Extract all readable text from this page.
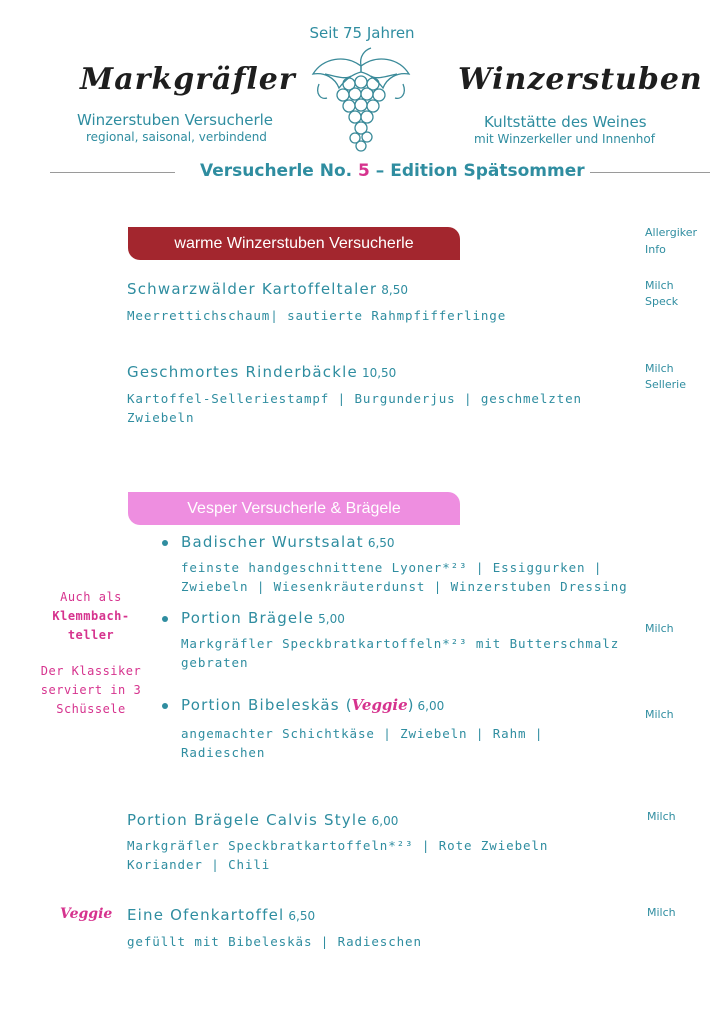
Seit 75 Jahren
Markgräfler	Winzerstuben
Winzerstuben Versucherle
regional, saisonal, verbindend
Kultstätte des Weines
mit Winzerkeller und Innenhof
Versucherle No. 5 – Edition Spätsommer
Allergiker
Info
warme Winzerstuben Versucherle
Schwarzwälder Kartoffeltaler 8,50
Meerrettichschaum| sautierte Rahmpfifferlinge
Milch
Speck
Geschmortes Rinderbäckle 10,50
Kartoffel-Selleriestampf | Burgunderjus | geschmelzten
Zwiebeln
Milch
Sellerie
Vesper Versucherle & Brägele
Badischer Wurstsalat 6,50
feinste handgeschnittene Lyoner*²³ | Essiggurken |
Zwiebeln | Wiesenkräuterdunst | Winzerstuben Dressing
Portion Brägele 5,00
Markgräfler Speckbratkartoffeln*²³ mit Butterschmalz
gebraten
Milch
Portion Bibeleskäs (Veggie) 6,00
angemachter Schichtkäse | Zwiebeln | Rahm |
Radieschen
Milch
Auch als
Klemmbach-
teller
Der Klassiker
serviert in 3
Schüssele
Portion Brägele Calvis Style 6,00
Markgräfler Speckbratkartoffeln*²³ | Rote Zwiebeln
Koriander | Chili
Milch
Veggie Eine Ofenkartoffel 6,50
gefüllt mit Bibeleskäs | Radieschen
Milch
